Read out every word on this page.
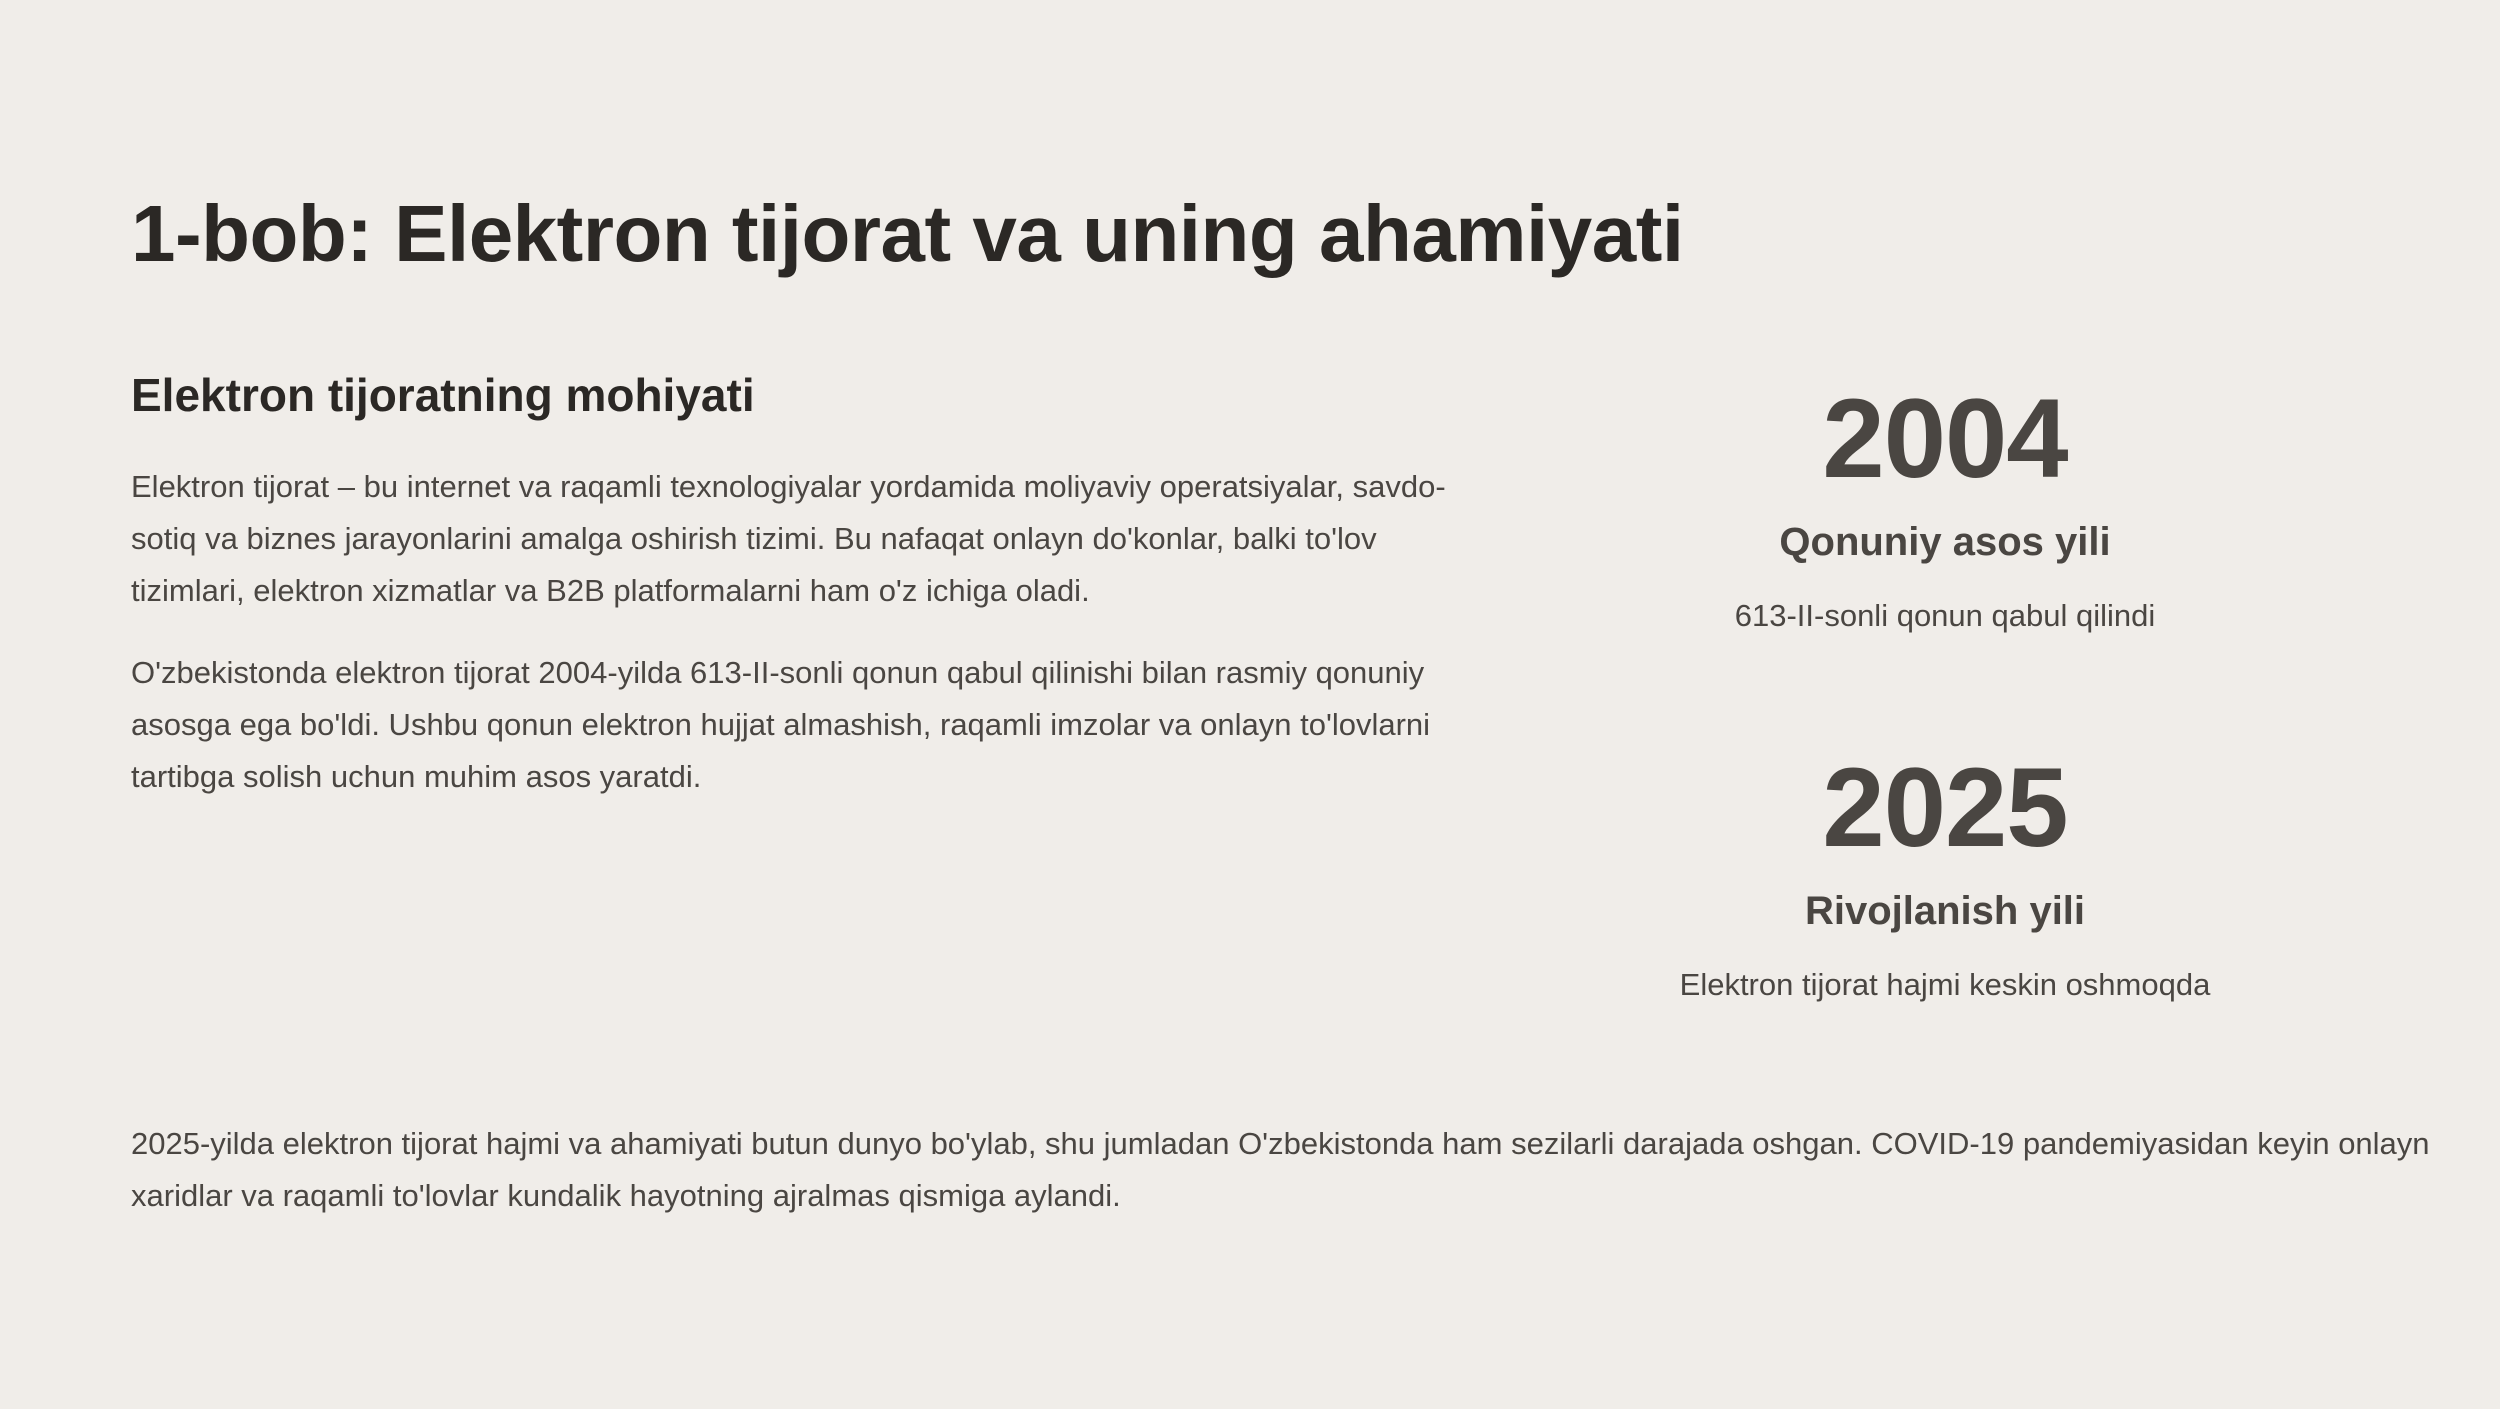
1-bob: Elektron tijorat va uning ahamiyati
Elektron tijoratning mohiyati

Elektron tijorat – bu internet va raqamli texnologiyalar yordamida moliyaviy operatsiyalar, savdo-sotiq va biznes jarayonlarini amalga oshirish tizimi. Bu nafaqat onlayn do'konlar, balki to'lov tizimlari, elektron xizmatlar va B2B platformalarni ham o'z ichiga oladi.

O'zbekistonda elektron tijorat 2004-yilda 613-II-sonli qonun qabul qilinishi bilan rasmiy qonuniy asosga ega bo'ldi. Ushbu qonun elektron hujjat almashish, raqamli imzolar va onlayn to'lovlarni tartibga solish uchun muhim asos yaratdi.

2004

Qonuniy asos yili

613-II-sonli qonun qabul qilindi

2025

Rivojlanish yili

Elektron tijorat hajmi keskin oshmoqda

2025-yilda elektron tijorat hajmi va ahamiyati butun dunyo bo'ylab, shu jumladan O'zbekistonda ham sezilarli darajada oshgan. COVID-19 pandemiyasidan keyin onlayn xaridlar va raqamli to'lovlar kundalik hayotning ajralmas qismiga aylandi.
